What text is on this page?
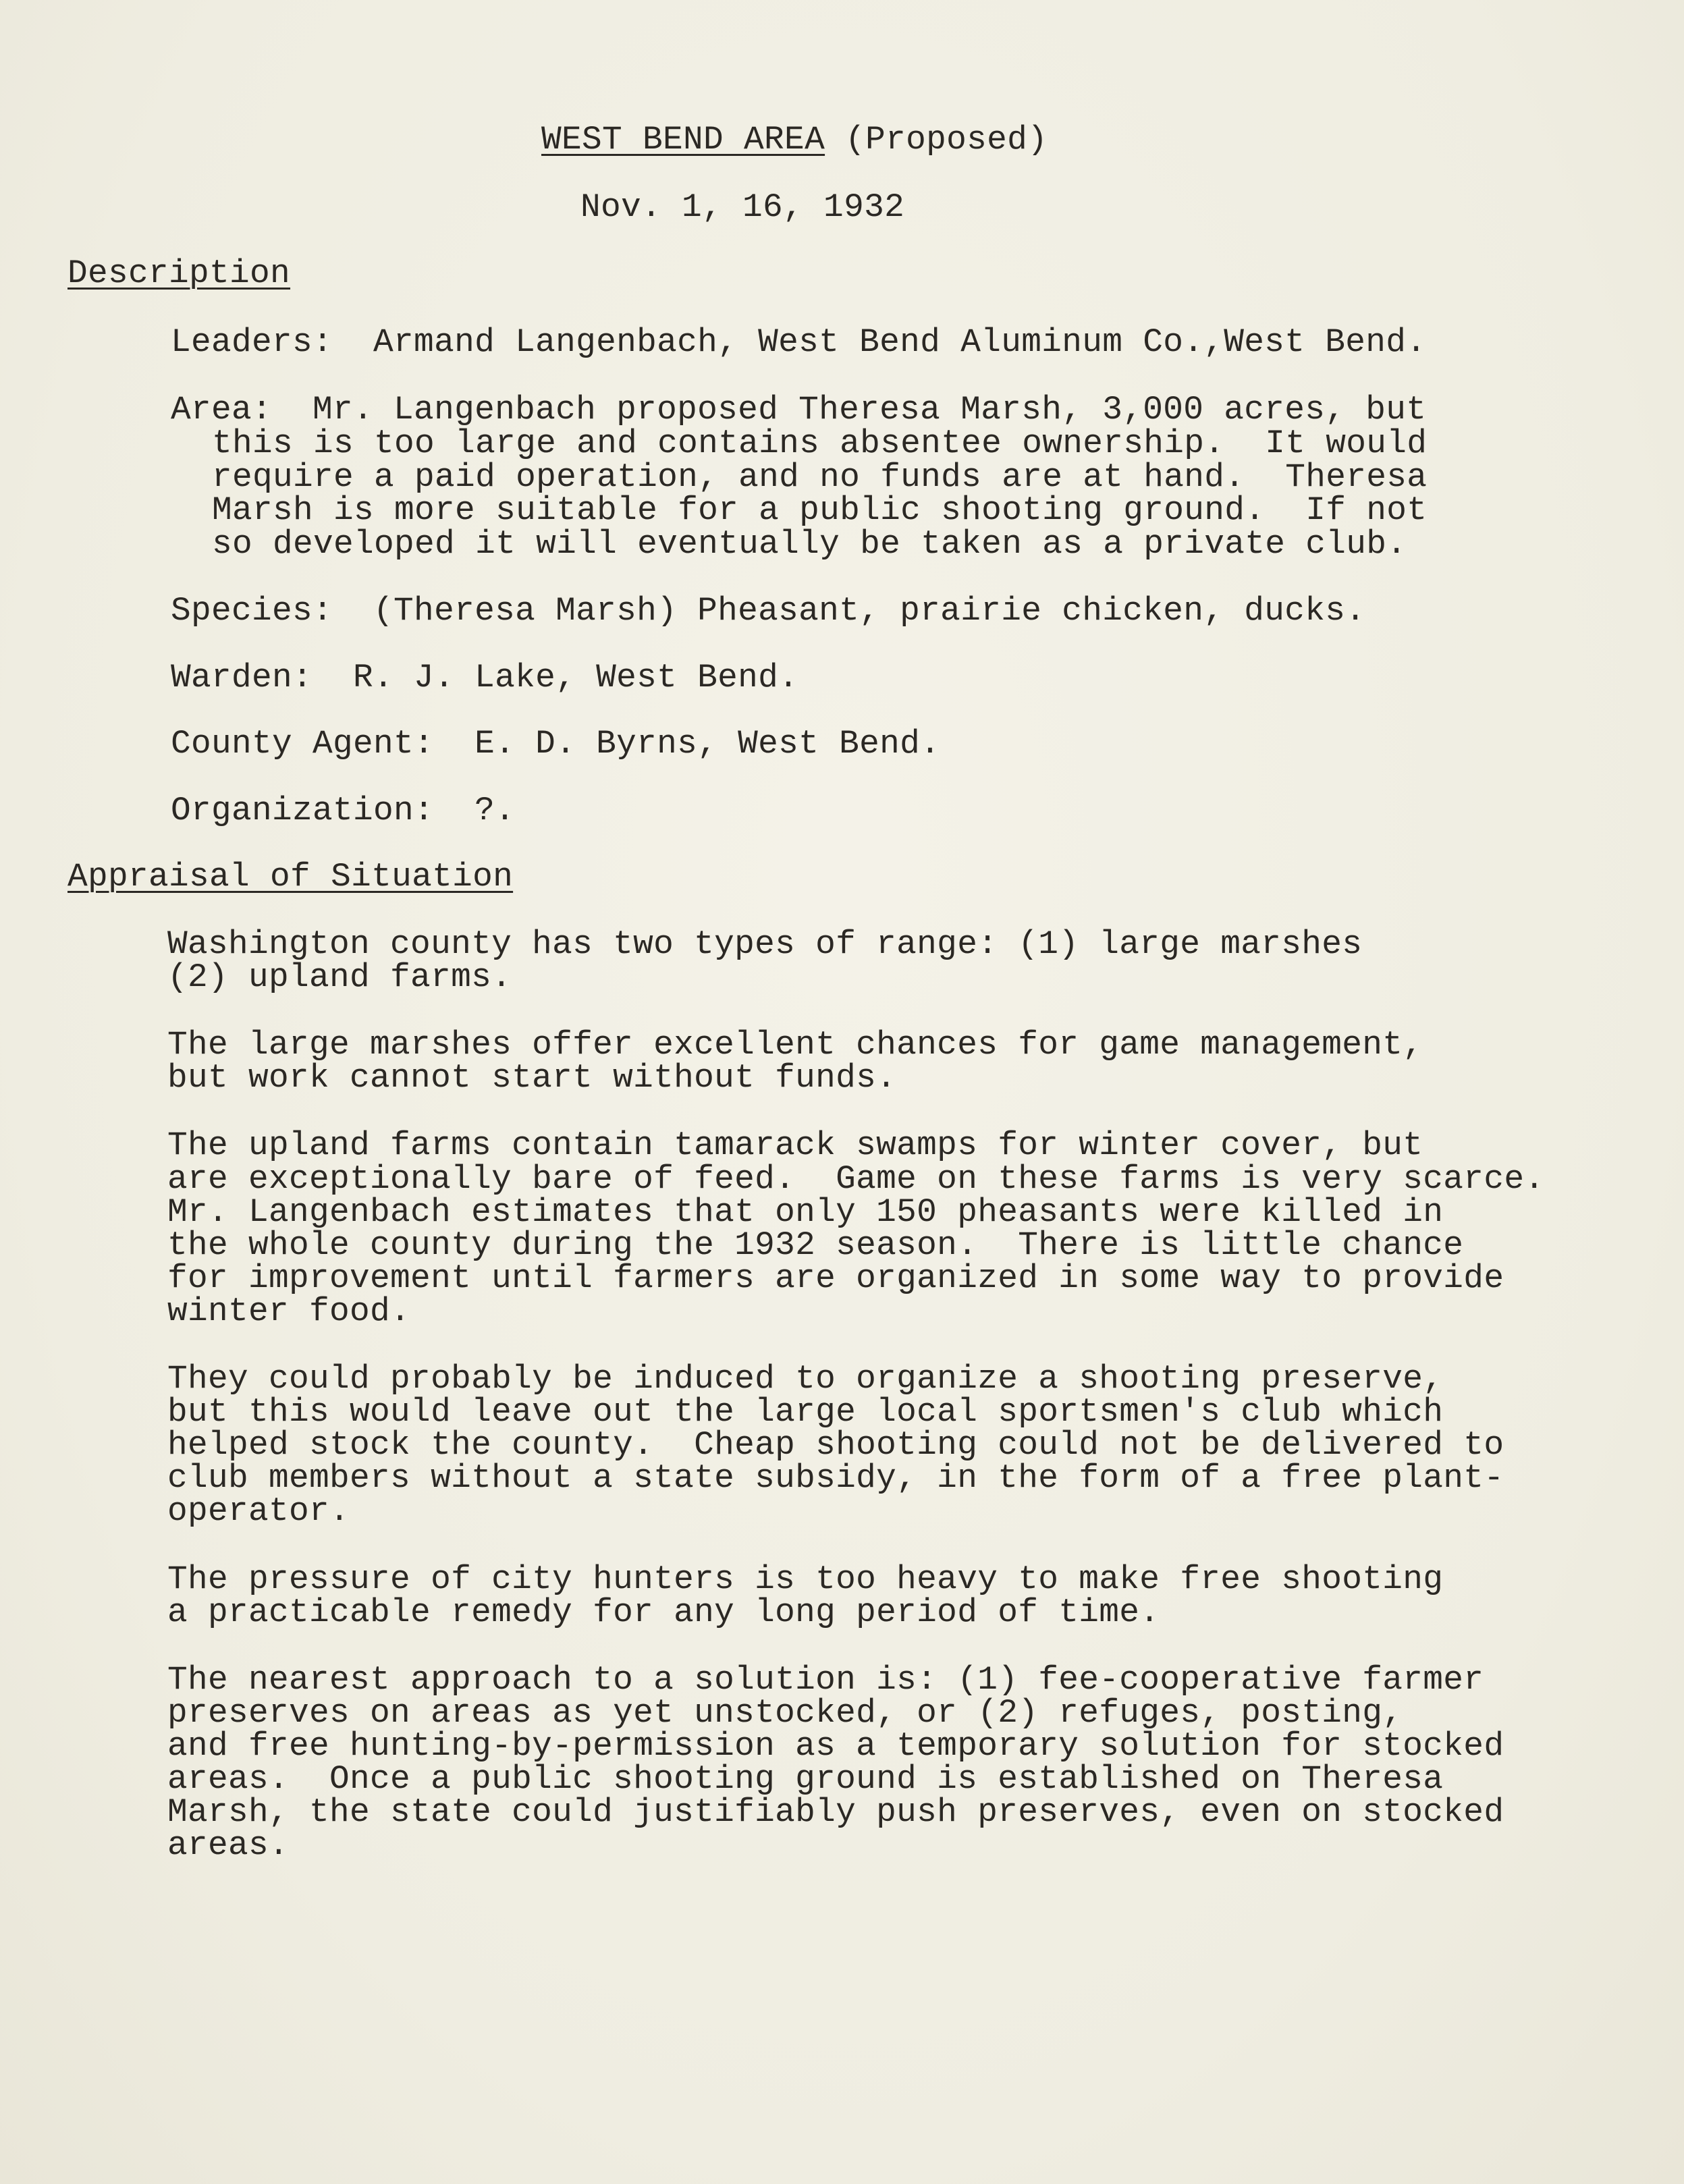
WEST BEND AREA (Proposed)
Nov. 1, 16, 1932
Description
Leaders:  Armand Langenbach, West Bend Aluminum Co.,West Bend.
Area:  Mr. Langenbach proposed Theresa Marsh, 3,000 acres, but
this is too large and contains absentee ownership.  It would
require a paid operation, and no funds are at hand.  Theresa
Marsh is more suitable for a public shooting ground.  If not
so developed it will eventually be taken as a private club.
Species:  (Theresa Marsh) Pheasant, prairie chicken, ducks.
Warden:  R. J. Lake, West Bend.
County Agent:  E. D. Byrns, West Bend.
Organization:  ?.
Appraisal of Situation
Washington county has two types of range: (1) large marshes
(2) upland farms.
The large marshes offer excellent chances for game management,
but work cannot start without funds.
The upland farms contain tamarack swamps for winter cover, but
are exceptionally bare of feed.  Game on these farms is very scarce.
Mr. Langenbach estimates that only 150 pheasants were killed in
the whole county during the 1932 season.  There is little chance
for improvement until farmers are organized in some way to provide
winter food.
They could probably be induced to organize a shooting preserve,
but this would leave out the large local sportsmen's club which
helped stock the county.  Cheap shooting could not be delivered to
club members without a state subsidy, in the form of a free plant-
operator.
The pressure of city hunters is too heavy to make free shooting
a practicable remedy for any long period of time.
The nearest approach to a solution is: (1) fee-cooperative farmer
preserves on areas as yet unstocked, or (2) refuges, posting,
and free hunting-by-permission as a temporary solution for stocked
areas.  Once a public shooting ground is established on Theresa
Marsh, the state could justifiably push preserves, even on stocked
areas.
